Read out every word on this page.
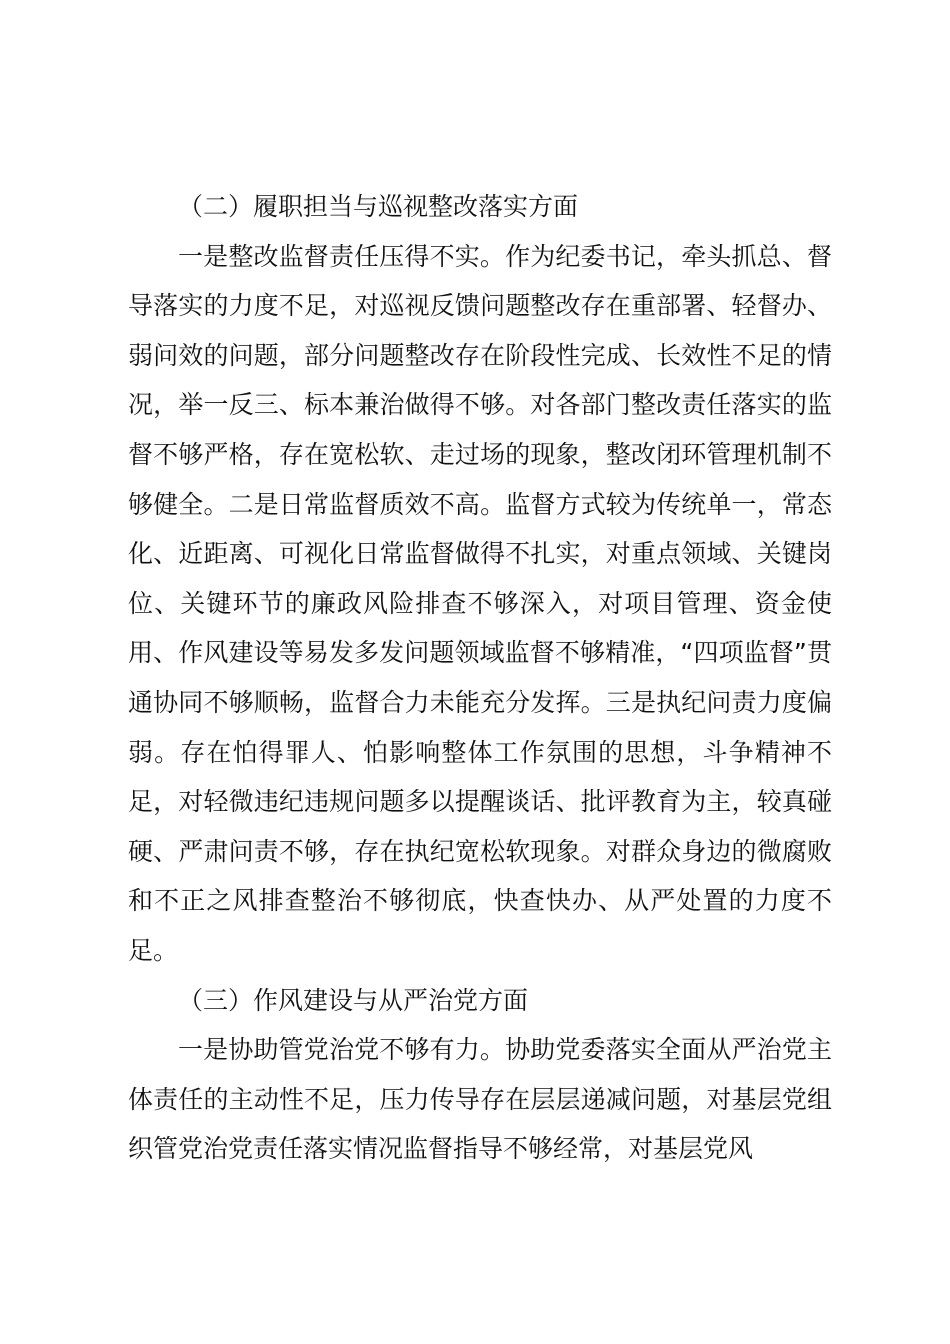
（二）履职担当与巡视整改落实方面

一是整改监督责任压得不实。作为纪委书记，牵头抓总、督导落实的力度不足，对巡视反馈问题整改存在重部署、轻督办、弱问效的问题，部分问题整改存在阶段性完成、长效性不足的情况，举一反三、标本兼治做得不够。对各部门整改责任落实的监督不够严格，存在宽松软、走过场的现象，整改闭环管理机制不够健全。二是日常监督质效不高。监督方式较为传统单一，常态化、近距离、可视化日常监督做得不扎实，对重点领域、关键岗位、关键环节的廉政风险排查不够深入，对项目管理、资金使用、作风建设等易发多发问题领域监督不够精准，“四项监督”贯通协同不够顺畅，监督合力未能充分发挥。三是执纪问责力度偏弱。存在怕得罪人、怕影响整体工作氛围的思想，斗争精神不足，对轻微违纪违规问题多以提醒谈话、批评教育为主，较真碰硬、严肃问责不够，存在执纪宽松软现象。对群众身边的微腐败和不正之风排查整治不够彻底，快查快办、从严处置的力度不足。

（三）作风建设与从严治党方面

一是协助管党治党不够有力。协助党委落实全面从严治党主体责任的主动性不足，压力传导存在层层递减问题，对基层党组织管党治党责任落实情况监督指导不够经常，对基层党风
